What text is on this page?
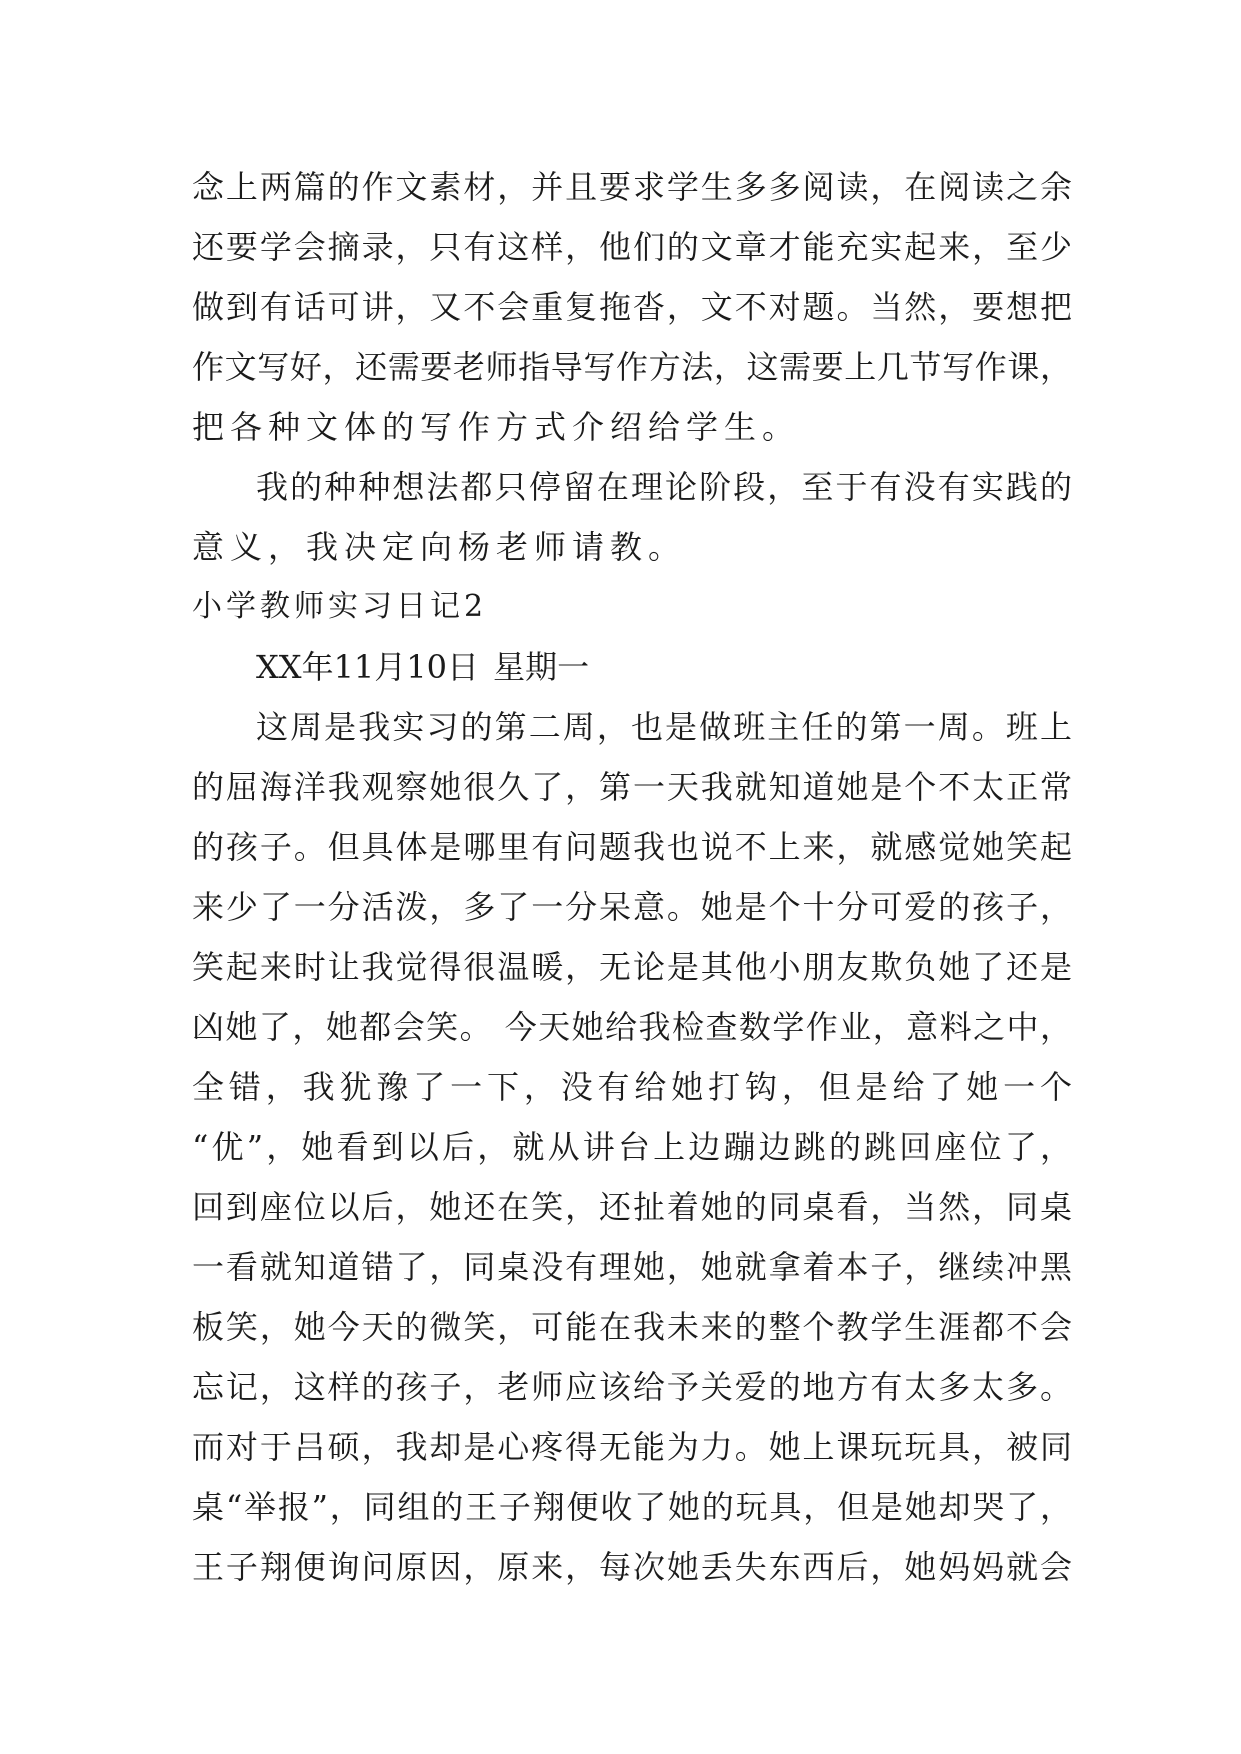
念上两篇的作文素材，并且要求学生多多阅读，在阅读之余
还要学会摘录，只有这样，他们的文章才能充实起来，至少
做到有话可讲，又不会重复拖沓，文不对题。当然，要想把
作文写好，还需要老师指导写作方法，这需要上几节写作课，
把各种文体的写作方式介绍给学生。
我的种种想法都只停留在理论阶段，至于有没有实践的
意义，我决定向杨老师请教。
小学教师实习日记2
XX年11月10日 星期一
这周是我实习的第二周，也是做班主任的第一周。班上
的屈海洋我观察她很久了，第一天我就知道她是个不太正常
的孩子。但具体是哪里有问题我也说不上来，就感觉她笑起
来少了一分活泼，多了一分呆意。她是个十分可爱的孩子，
笑起来时让我觉得很温暖，无论是其他小朋友欺负她了还是
凶她了，她都会笑。 今天她给我检查数学作业，意料之中，
全错，我犹豫了一下，没有给她打钩，但是给了她一个
“优”，她看到以后，就从讲台上边蹦边跳的跳回座位了，
回到座位以后，她还在笑，还扯着她的同桌看，当然，同桌
一看就知道错了，同桌没有理她，她就拿着本子，继续冲黑
板笑，她今天的微笑，可能在我未来的整个教学生涯都不会
忘记，这样的孩子，老师应该给予关爱的地方有太多太多。
而对于吕硕，我却是心疼得无能为力。她上课玩玩具，被同
桌“举报”，同组的王子翔便收了她的玩具，但是她却哭了，
王子翔便询问原因，原来，每次她丢失东西后，她妈妈就会
